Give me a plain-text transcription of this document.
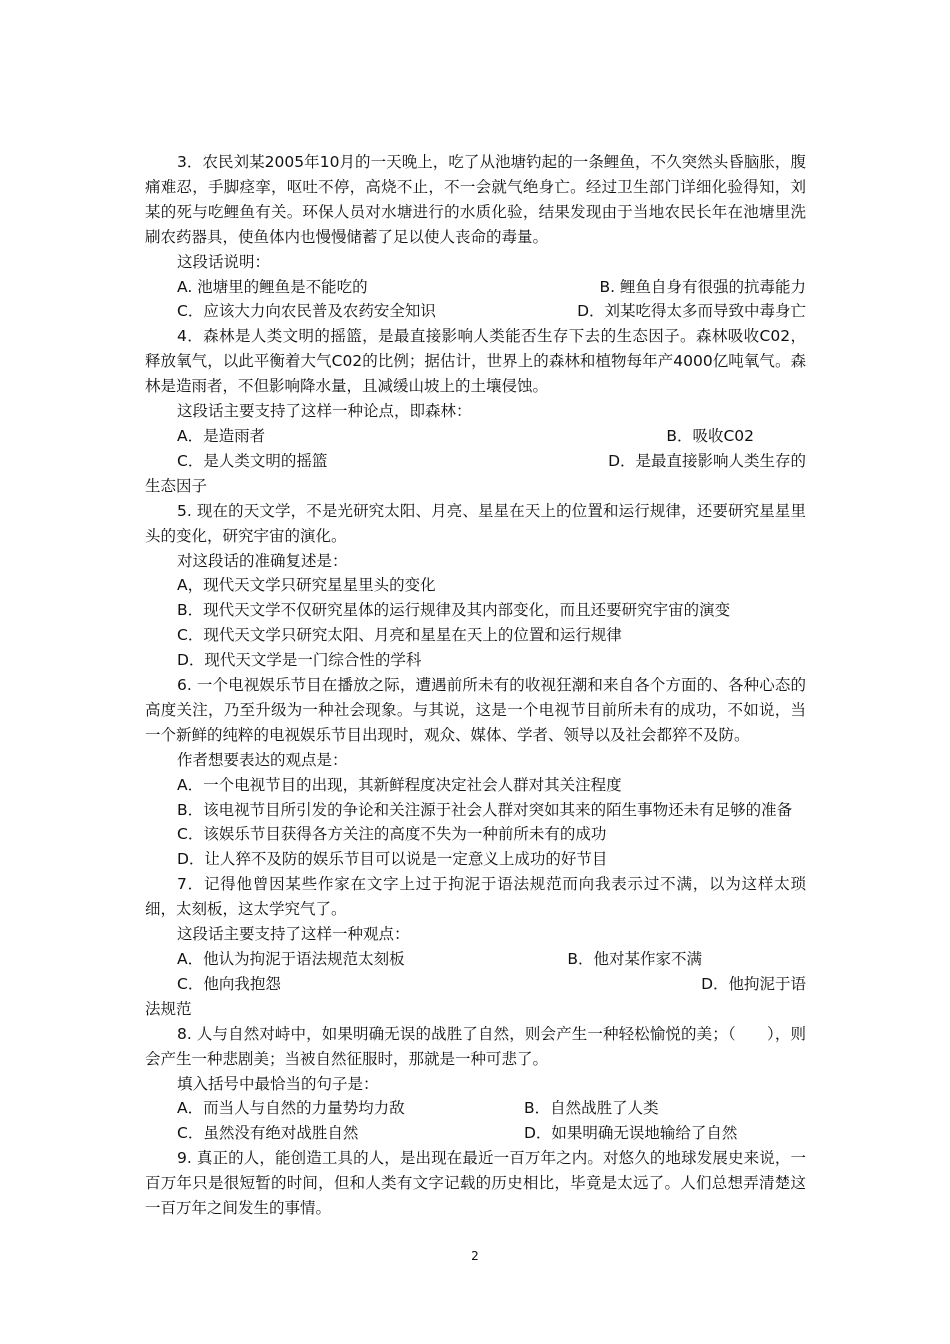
3．农民刘某2005年10月的一天晚上，吃了从池塘钓起的一条鲤鱼，不久突然头昏脑胀，腹痛难忍，手脚痉挛，呕吐不停，高烧不止，不一会就气绝身亡。经过卫生部门详细化验得知，刘某的死与吃鲤鱼有关。环保人员对水塘进行的水质化验，结果发现由于当地农民长年在池塘里洗刷农药器具，使鱼体内也慢慢储蓄了足以使人丧命的毒量。

这段话说明：

A. 池塘里的鲤鱼是不能吃的	B. 鲤鱼自身有很强的抗毒能力
C．应该大力向农民普及农药安全知识	D．刘某吃得太多而导致中毒身亡

4．森林是人类文明的摇篮，是最直接影响人类能否生存下去的生态因子。森林吸收C02，释放氧气，以此平衡着大气C02的比例；据估计，世界上的森林和植物每年产4000亿吨氧气。森林是造雨者，不但影响降水量，且减缓山坡上的土壤侵蚀。

这段话主要支持了这样一种论点，即森林：

A．是造雨者	B．吸收C02
C．是人类文明的摇篮	D．是最直接影响人类生存的

生态因子

5. 现在的天文学，不是光研究太阳、月亮、星星在天上的位置和运行规律，还要研究星星里头的变化，研究宇宙的演化。

对这段话的准确复述是：

A，现代天文学只研究星星里头的变化

B．现代天文学不仅研究星体的运行规律及其内部变化，而且还要研究宇宙的演变

C．现代天文学只研究太阳、月亮和星星在天上的位置和运行规律

D．现代天文学是一门综合性的学科

6. 一个电视娱乐节目在播放之际，遭遇前所未有的收视狂潮和来自各个方面的、各种心态的高度关注，乃至升级为一种社会现象。与其说，这是一个电视节目前所未有的成功，不如说，当一个新鲜的纯粹的电视娱乐节目出现时，观众、媒体、学者、领导以及社会都猝不及防。

作者想要表达的观点是：

A．一个电视节目的出现，其新鲜程度决定社会人群对其关注程度

B．该电视节目所引发的争论和关注源于社会人群对突如其来的陌生事物还未有足够的准备

C．该娱乐节目获得各方关注的高度不失为一种前所未有的成功

D．让人猝不及防的娱乐节目可以说是一定意义上成功的好节目

7．记得他曾因某些作家在文字上过于拘泥于语法规范而向我表示过不满，以为这样太琐细，太刻板，这太学究气了。

这段话主要支持了这样一种观点：

A．他认为拘泥于语法规范太刻板	B．他对某作家不满
C．他向我抱怨	D．他拘泥于语

法规范

8. 人与自然对峙中，如果明确无误的战胜了自然，则会产生一种轻松愉悦的美；（　　），则会产生一种悲剧美；当被自然征服时，那就是一种可悲了。

填入括号中最恰当的句子是：

A．而当人与自然的力量势均力敌	B．自然战胜了人类
C．虽然没有绝对战胜自然	D．如果明确无误地输给了自然

9. 真正的人，能创造工具的人，是出现在最近一百万年之内。对悠久的地球发展史来说，一百万年只是很短暂的时间，但和人类有文字记载的历史相比，毕竟是太远了。人们总想弄清楚这一百万年之间发生的事情。

2
